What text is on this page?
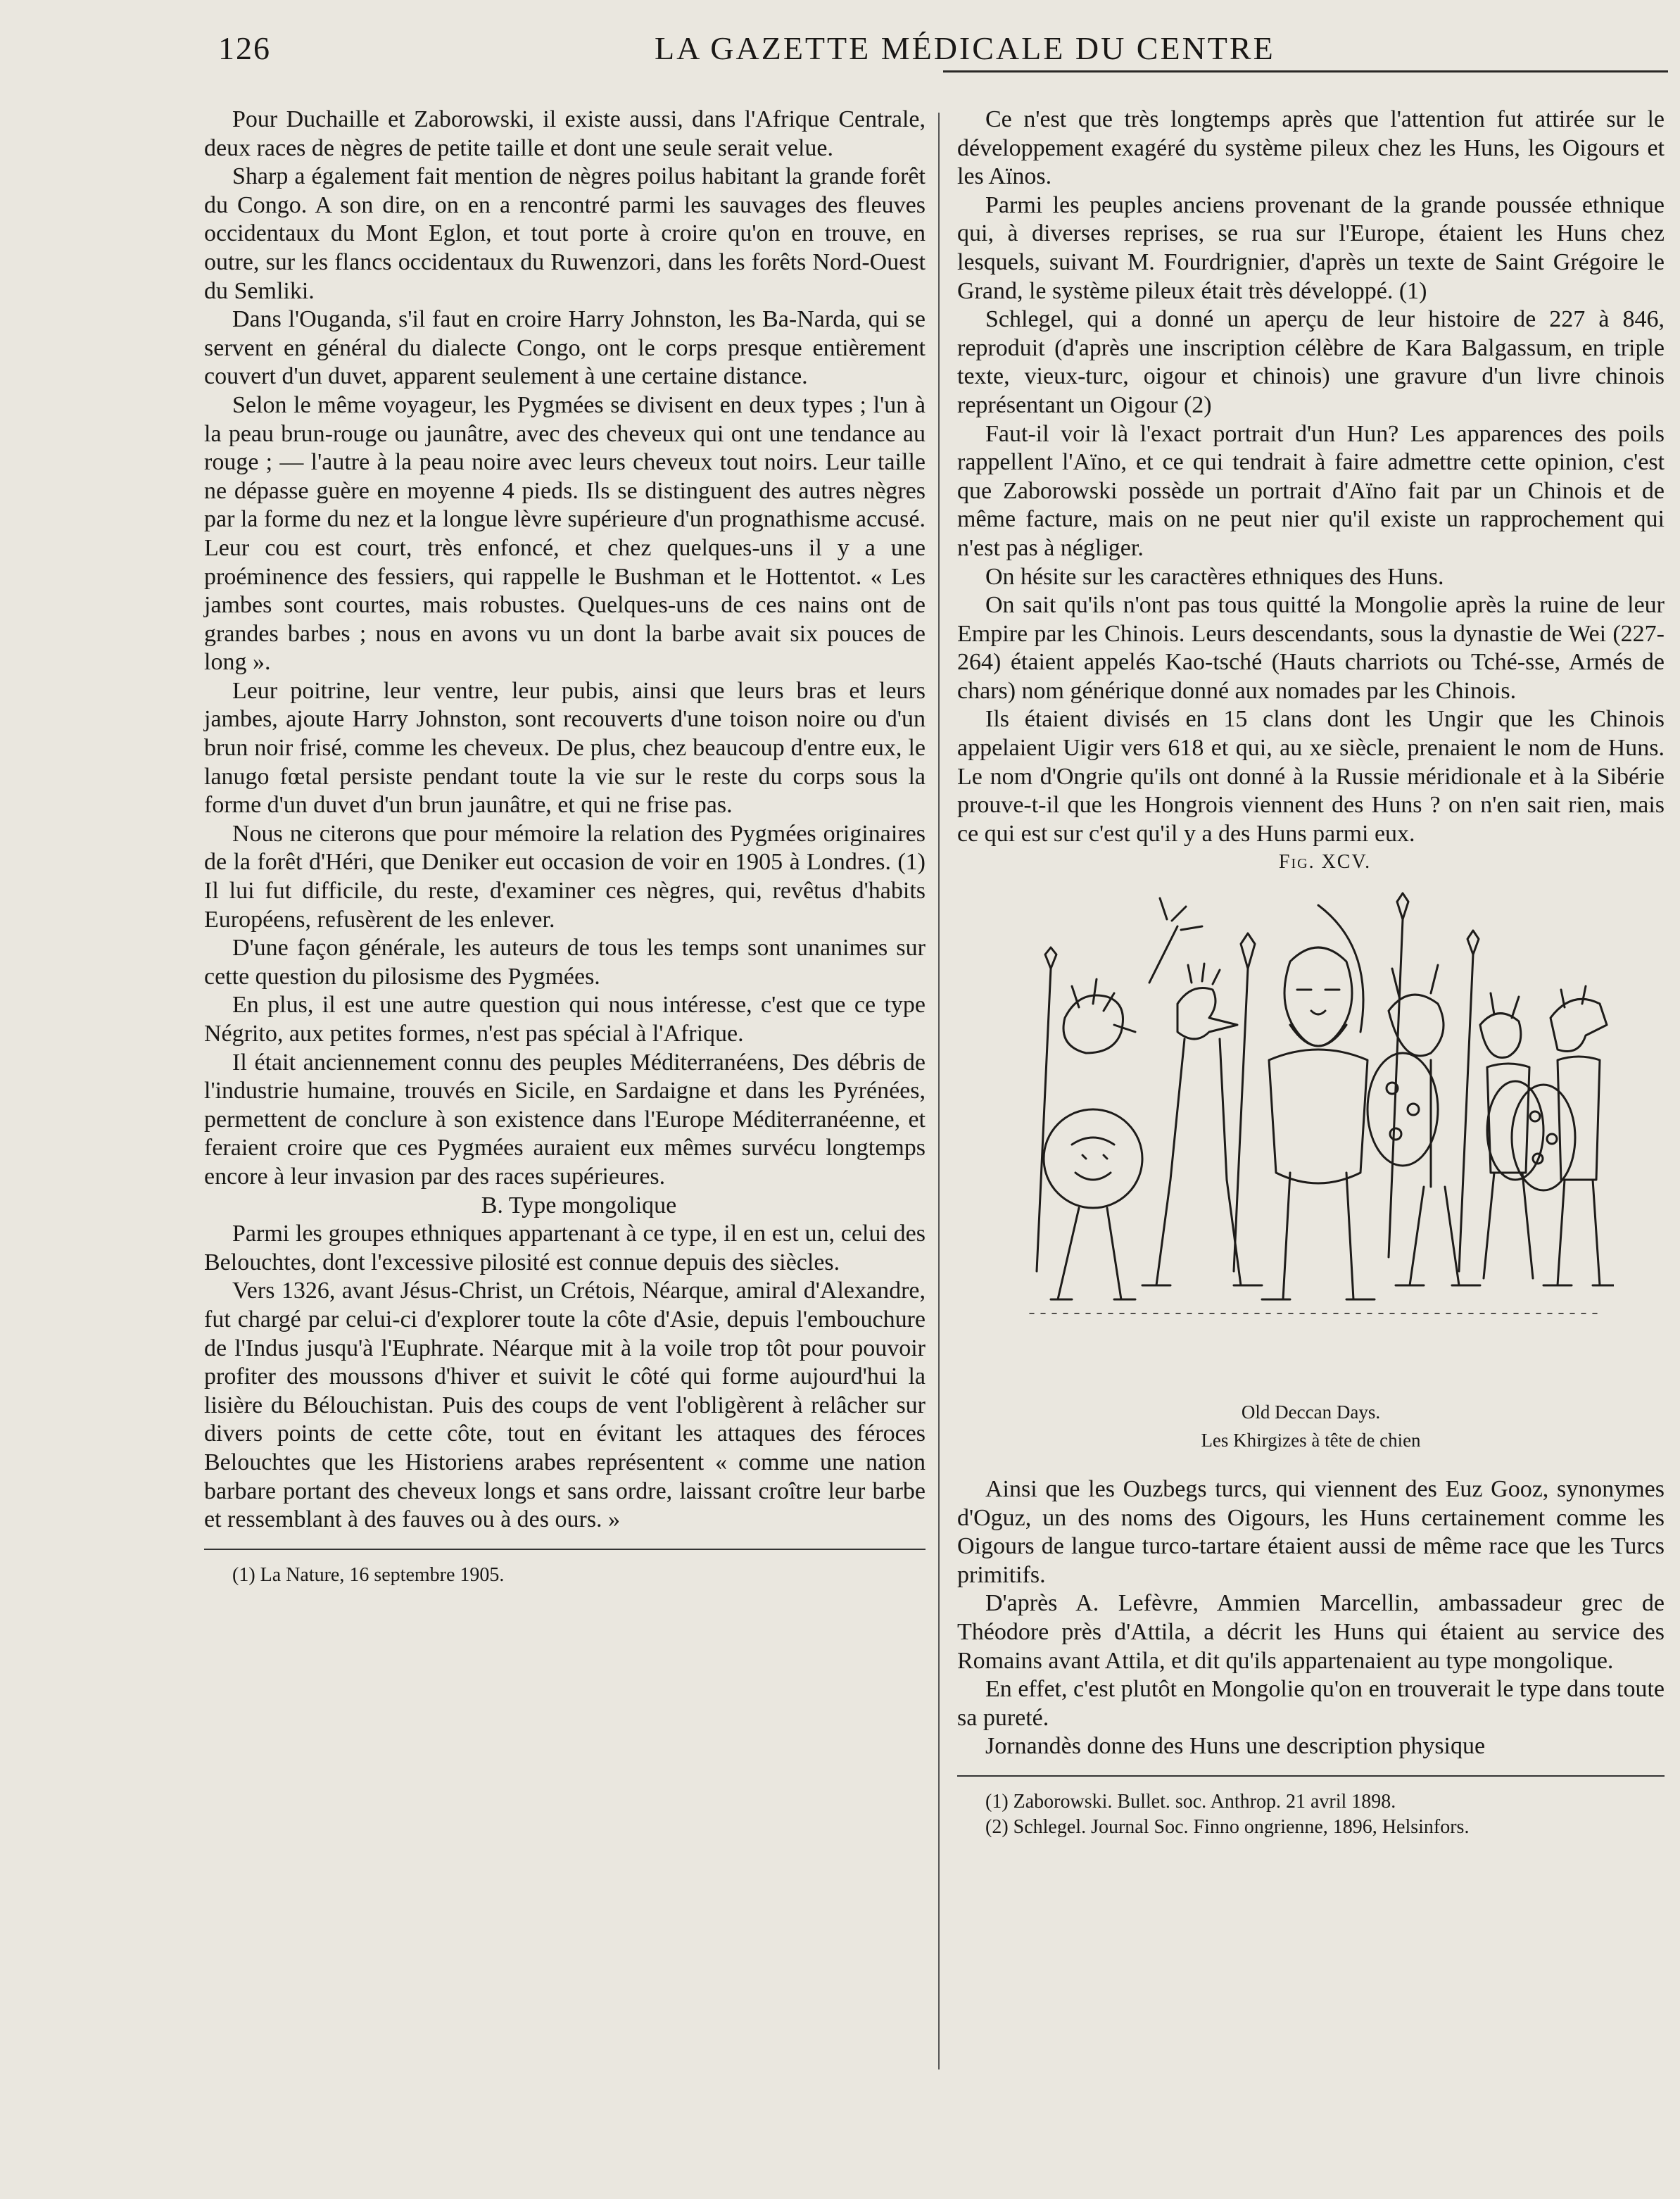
126	LA GAZETTE MÉDICALE DU CENTRE

Pour Duchaille et Zaborowski, il existe aussi, dans l'Afrique Centrale, deux races de nègres de petite taille et dont une seule serait velue.

Sharp a également fait mention de nègres poilus habitant la grande forêt du Congo. A son dire, on en a rencontré parmi les sauvages des fleuves occidentaux du Mont Eglon, et tout porte à croire qu'on en trouve, en outre, sur les flancs occidentaux du Ruwenzori, dans les forêts Nord-Ouest du Semliki.

Dans l'Ouganda, s'il faut en croire Harry Johnston, les Ba-Narda, qui se servent en général du dialecte Congo, ont le corps presque entièrement couvert d'un duvet, apparent seulement à une certaine distance.

Selon le même voyageur, les Pygmées se divisent en deux types ; l'un à la peau brun-rouge ou jaunâtre, avec des cheveux qui ont une tendance au rouge ; — l'autre à la peau noire avec leurs cheveux tout noirs. Leur taille ne dépasse guère en moyenne 4 pieds. Ils se distinguent des autres nègres par la forme du nez et la longue lèvre supérieure d'un prognathisme accusé. Leur cou est court, très enfoncé, et chez quelques-uns il y a une proéminence des fessiers, qui rappelle le Bushman et le Hottentot. « Les jambes sont courtes, mais robustes. Quelques-uns de ces nains ont de grandes barbes ; nous en avons vu un dont la barbe avait six pouces de long ».

Leur poitrine, leur ventre, leur pubis, ainsi que leurs bras et leurs jambes, ajoute Harry Johnston, sont recouverts d'une toison noire ou d'un brun noir frisé, comme les cheveux. De plus, chez beaucoup d'entre eux, le lanugo fœtal persiste pendant toute la vie sur le reste du corps sous la forme d'un duvet d'un brun jaunâtre, et qui ne frise pas.

Nous ne citerons que pour mémoire la relation des Pygmées originaires de la forêt d'Héri, que Deniker eut occasion de voir en 1905 à Londres. (1) Il lui fut difficile, du reste, d'examiner ces nègres, qui, revêtus d'habits Européens, refusèrent de les enlever.

D'une façon générale, les auteurs de tous les temps sont unanimes sur cette question du pilosisme des Pygmées.

En plus, il est une autre question qui nous intéresse, c'est que ce type Négrito, aux petites formes, n'est pas spécial à l'Afrique.

Il était anciennement connu des peuples Méditerranéens, Des débris de l'industrie humaine, trouvés en Sicile, en Sardaigne et dans les Pyrénées, permettent de conclure à son existence dans l'Europe Méditerranéenne, et feraient croire que ces Pygmées auraient eux mêmes survécu longtemps encore à leur invasion par des races supérieures.

B. Type mongolique

Parmi les groupes ethniques appartenant à ce type, il en est un, celui des Belouchtes, dont l'excessive pilosité est connue depuis des siècles.

Vers 1326, avant Jésus-Christ, un Crétois, Néarque, amiral d'Alexandre, fut chargé par celui-ci d'explorer toute la côte d'Asie, depuis l'embouchure de l'Indus jusqu'à l'Euphrate. Néarque mit à la voile trop tôt pour pouvoir profiter des moussons d'hiver et suivit le côté qui forme aujourd'hui la lisière du Bélouchistan. Puis des coups de vent l'obligèrent à relâcher sur divers points de cette côte, tout en évitant les attaques des féroces Belouchtes que les Historiens arabes représentent « comme une nation barbare portant des cheveux longs et sans ordre, laissant croître leur barbe et ressemblant à des fauves ou à des ours. »

(1) La Nature, 16 septembre 1905.

Ce n'est que très longtemps après que l'attention fut attirée sur le développement exagéré du système pileux chez les Huns, les Oigours et les Aïnos.

Parmi les peuples anciens provenant de la grande poussée ethnique qui, à diverses reprises, se rua sur l'Europe, étaient les Huns chez lesquels, suivant M. Fourdrignier, d'après un texte de Saint Grégoire le Grand, le système pileux était très développé. (1)

Schlegel, qui a donné un aperçu de leur histoire de 227 à 846, reproduit (d'après une inscription célèbre de Kara Balgassum, en triple texte, vieux-turc, oigour et chinois) une gravure d'un livre chinois représentant un Oigour (2)

Faut-il voir là l'exact portrait d'un Hun? Les apparences des poils rappellent l'Aïno, et ce qui tendrait à faire admettre cette opinion, c'est que Zaborowski possède un portrait d'Aïno fait par un Chinois et de même facture, mais on ne peut nier qu'il existe un rapprochement qui n'est pas à négliger.

On hésite sur les caractères ethniques des Huns.

On sait qu'ils n'ont pas tous quitté la Mongolie après la ruine de leur Empire par les Chinois. Leurs descendants, sous la dynastie de Wei (227-264) étaient appelés Kao-tsché (Hauts charriots ou Tché-sse, Armés de chars) nom générique donné aux nomades par les Chinois.

Ils étaient divisés en 15 clans dont les Ungir que les Chinois appelaient Uigir vers 618 et qui, au xe siècle, prenaient le nom de Huns. Le nom d'Ongrie qu'ils ont donné à la Russie méridionale et à la Sibérie prouve-t-il que les Hongrois viennent des Huns ? on n'en sait rien, mais ce qui est sur c'est qu'il y a des Huns parmi eux.

Fig. XCV.

Old Deccan Days.
Les Khirgizes à tête de chien

Ainsi que les Ouzbegs turcs, qui viennent des Euz Gooz, synonymes d'Oguz, un des noms des Oigours, les Huns certainement comme les Oigours de langue turco-tartare étaient aussi de même race que les Turcs primitifs.

D'après A. Lefèvre, Ammien Marcellin, ambassadeur grec de Théodore près d'Attila, a décrit les Huns qui étaient au service des Romains avant Attila, et dit qu'ils appartenaient au type mongolique.

En effet, c'est plutôt en Mongolie qu'on en trouverait le type dans toute sa pureté.

Jornandès donne des Huns une description physique

(1) Zaborowski. Bullet. soc. Anthrop. 21 avril 1898.

(2) Schlegel. Journal Soc. Finno ongrienne, 1896, Helsinfors.
